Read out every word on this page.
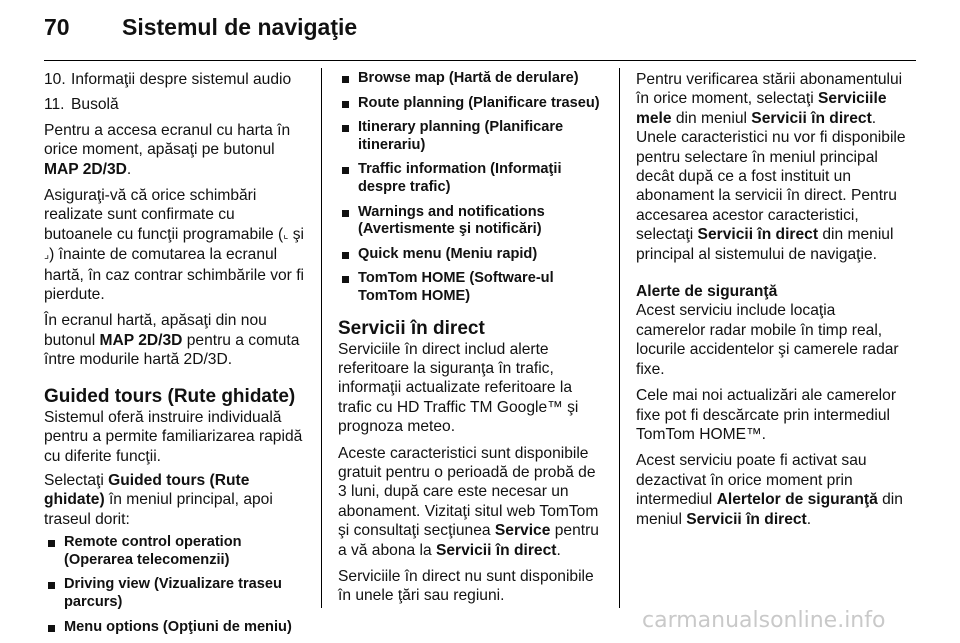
70	Sistemul de navigaţie
10. Informaţii despre sistemul audio
11. Busolă

Pentru a accesa ecranul cu harta în orice moment, apăsaţi pe butonul MAP 2D/3D.

Asiguraţi-vă că orice schimbări realizate sunt confirmate cu butoanele cu funcţii programabile (⌞ şi ⌟) înainte de comutarea la ecranul hartă, în caz contrar schimbările vor fi pierdute.

În ecranul hartă, apăsaţi din nou butonul MAP 2D/3D pentru a comuta între modurile hartă 2D/3D.

Guided tours (Rute ghidate)

Sistemul oferă instruire individuală pentru a permite familiarizarea rapidă cu diferite funcţii.

Selectaţi Guided tours (Rute ghidate) în meniul principal, apoi traseul dorit:

Remote control operation (Operarea telecomenzii)
Driving view (Vizualizare traseu parcurs)
Menu options (Opţiuni de meniu)
Browse map (Hartă de derulare)
Route planning (Planificare traseu)
Itinerary planning (Planificare itinerariu)
Traffic information (Informaţii despre trafic)
Warnings and notifications (Avertismente şi notificări)
Quick menu (Meniu rapid)
TomTom HOME (Software-ul TomTom HOME)
Servicii în direct

Serviciile în direct includ alerte referitoare la siguranţa în trafic, informaţii actualizate referitoare la trafic cu HD Traffic TM Google™ şi prognoza meteo.

Aceste caracteristici sunt disponibile gratuit pentru o perioadă de probă de 3 luni, după care este necesar un abonament. Vizitaţi situl web TomTom şi consultaţi secţiunea Service pentru a vă abona la Servicii în direct.

Serviciile în direct nu sunt disponibile în unele ţări sau regiuni.

Pentru verificarea stării abonamentului în orice moment, selectaţi Serviciile mele din meniul Servicii în direct. Unele caracteristici nu vor fi disponibile pentru selectare în meniul principal decât după ce a fost instituit un abonament la servicii în direct. Pentru accesarea acestor caracteristici, selectaţi Servicii în direct din meniul principal al sistemului de navigaţie.

Alerte de siguranţă

Acest serviciu include locaţia camerelor radar mobile în timp real, locurile accidentelor şi camerele radar fixe.

Cele mai noi actualizări ale camerelor fixe pot fi descărcate prin intermediul TomTom HOME™.

Acest serviciu poate fi activat sau dezactivat în orice moment prin intermediul Alertelor de siguranţă din meniul Servicii în direct.

carmanualsonline.info
